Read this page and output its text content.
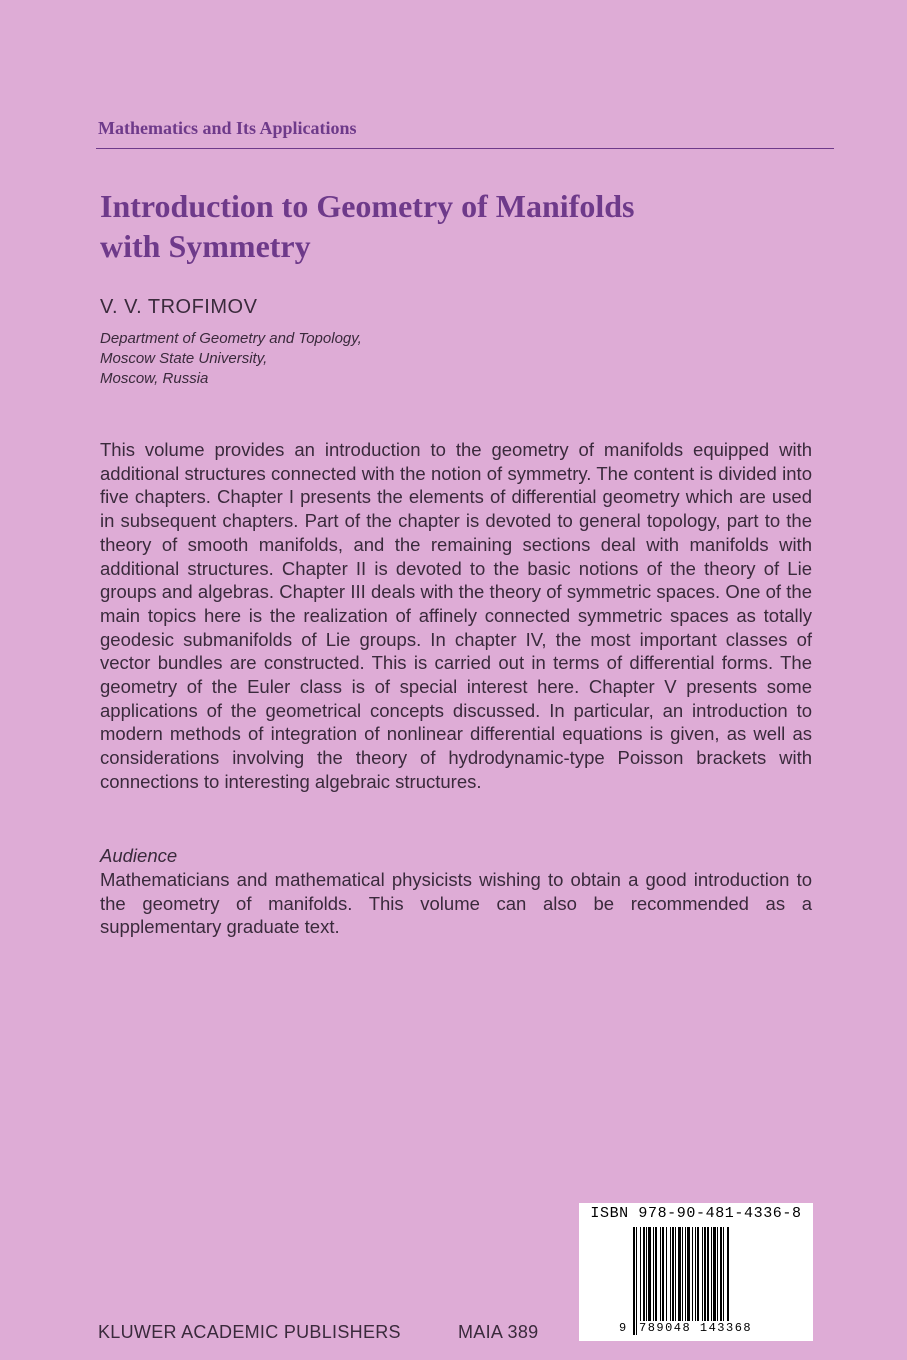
Mathematics and Its Applications
Introduction to Geometry of Manifolds
with Symmetry
V. V. TROFIMOV
Department of Geometry and Topology,
Moscow State University,
Moscow, Russia

This volume provides an introduction to the geometry of manifolds equipped with additional structures connected with the notion of symmetry. The content is divided into five chapters. Chapter I presents the elements of differential geometry which are used in subsequent chapters. Part of the chapter is devoted to general topology, part to the theory of smooth manifolds, and the remaining sections deal with manifolds with additional structures. Chapter II is devoted to the basic notions of the theory of Lie groups and algebras. Chapter III deals with the theory of symmetric spaces. One of the main topics here is the realization of affinely connected symmetric spaces as totally geodesic submanifolds of Lie groups. In chapter IV, the most important classes of vector bundles are constructed. This is carried out in terms of differential forms. The geometry of the Euler class is of special interest here. Chapter V presents some applications of the geometrical concepts discussed. In particular, an introduction to modern methods of integration of nonlinear differential equations is given, as well as considerations involving the theory of hydrodynamic-type Poisson brackets with connections to interesting algebraic structures.

Audience

Mathematicians and mathematical physicists wishing to obtain a good introduction to the geometry of manifolds. This volume can also be recommended as a supplementary graduate text.

KLUWER ACADEMIC PUBLISHERS	MAIA 389
ISBN 978-90-481-4336-8
9 789048 143368
